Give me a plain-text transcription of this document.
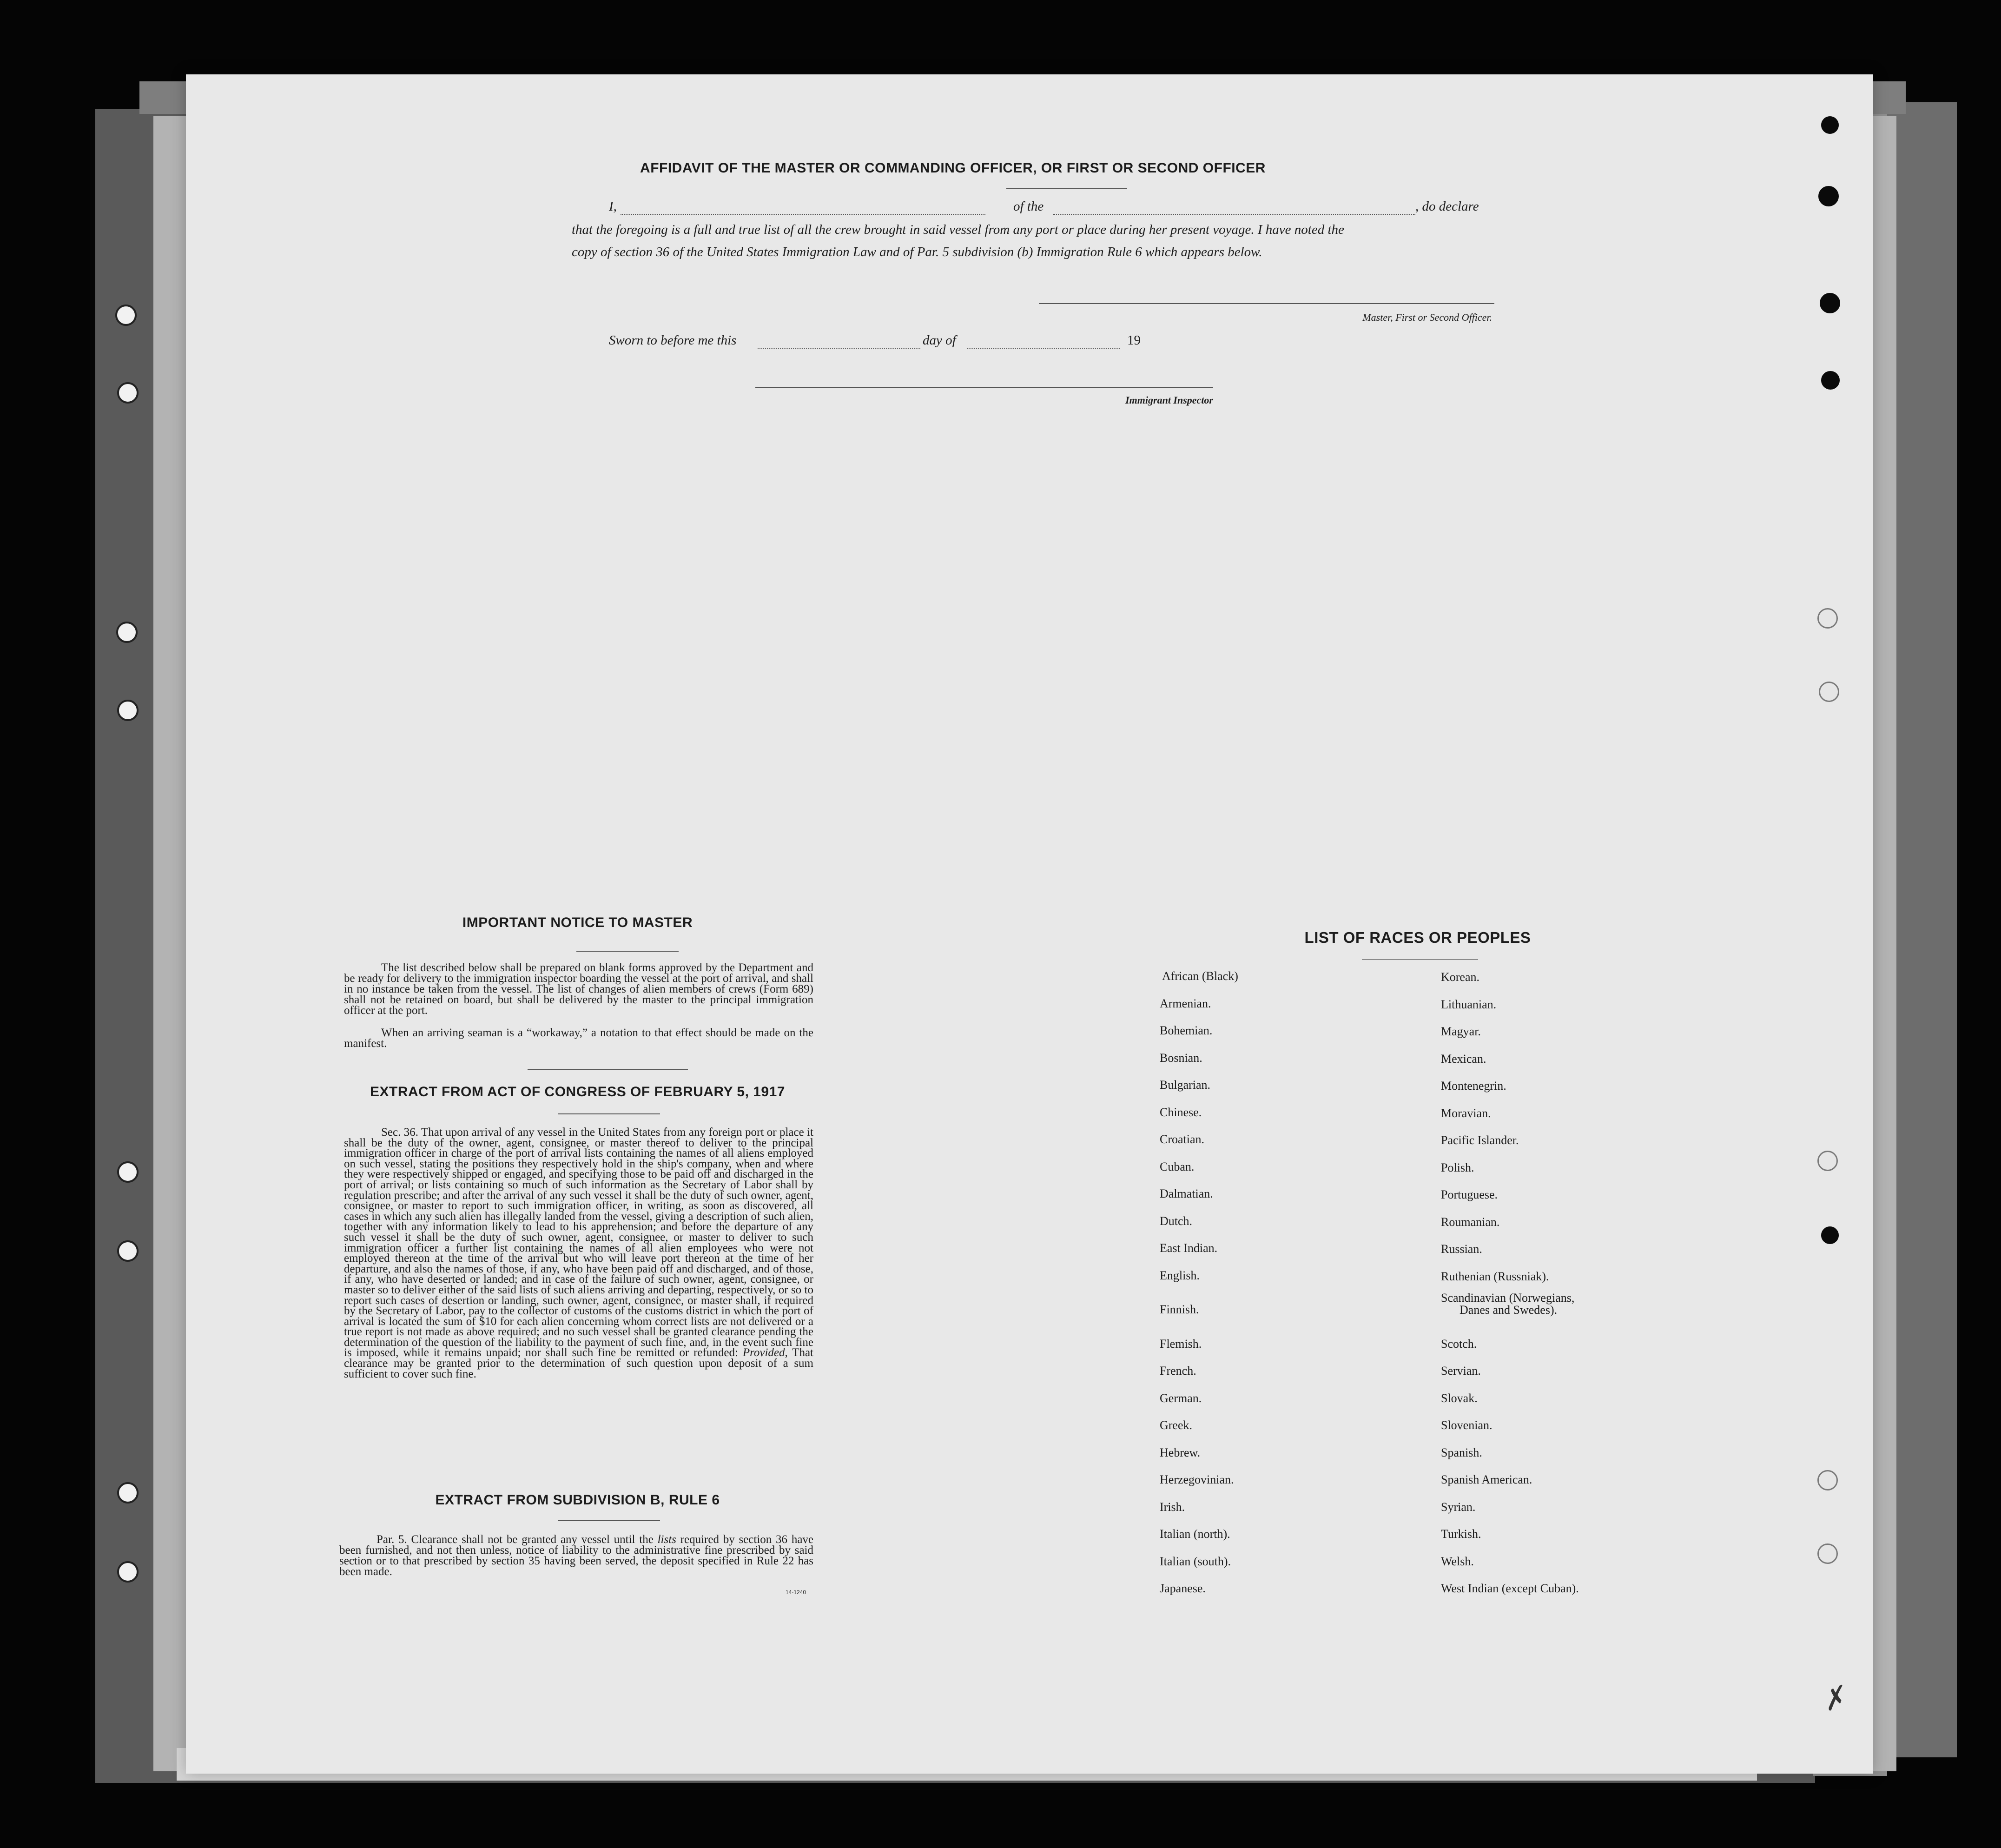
AFFIDAVIT OF THE MASTER OR COMMANDING OFFICER, OR FIRST OR SECOND OFFICER
I,	of the	, do declare
that the foregoing is a full and true list of all the crew brought in said vessel from any port or place during her present voyage. I have noted the
copy of section 36 of the United States Immigration Law and of Par. 5 subdivision (b) Immigration Rule 6 which appears below.
Master, First or Second Officer.
Sworn to before me this	day of	19
Immigrant Inspector
IMPORTANT NOTICE TO MASTER
The list described below shall be prepared on blank forms approved by the Department and be ready for delivery to the immigration inspector boarding the vessel at the port of arrival, and shall in no instance be taken from the vessel. The list of changes of alien members of crews (Form 689) shall not be retained on board, but shall be delivered by the master to the principal immigration officer at the port.
When an arriving seaman is a “workaway,” a notation to that effect should be made on the manifest.
EXTRACT FROM ACT OF CONGRESS OF FEBRUARY 5, 1917
Sec. 36. That upon arrival of any vessel in the United States from any foreign port or place it shall be the duty of the owner, agent, consignee, or master thereof to deliver to the principal immigration officer in charge of the port of arrival lists containing the names of all aliens employed on such vessel, stating the positions they respectively hold in the ship's company, when and where they were respectively shipped or engaged, and specifying those to be paid off and discharged in the port of arrival; or lists containing so much of such information as the Secretary of Labor shall by regulation prescribe; and after the arrival of any such vessel it shall be the duty of such owner, agent, consignee, or master to report to such immigration officer, in writing, as soon as discovered, all cases in which any such alien has illegally landed from the vessel, giving a description of such alien, together with any information likely to lead to his apprehension; and before the departure of any such vessel it shall be the duty of such owner, agent, consignee, or master to deliver to such immigration officer a further list containing the names of all alien employees who were not employed thereon at the time of the arrival but who will leave port thereon at the time of her departure, and also the names of those, if any, who have been paid off and discharged, and of those, if any, who have deserted or landed; and in case of the failure of such owner, agent, consignee, or master so to deliver either of the said lists of such aliens arriving and departing, respectively, or so to report such cases of desertion or landing, such owner, agent, consignee, or master shall, if required by the Secretary of Labor, pay to the collector of customs of the customs district in which the port of arrival is located the sum of $10 for each alien concerning whom correct lists are not delivered or a true report is not made as above required; and no such vessel shall be granted clearance pending the determination of the question of the liability to the payment of such fine, and, in the event such fine is imposed, while it remains unpaid; nor shall such fine be remitted or refunded: Provided, That clearance may be granted prior to the determination of such question upon deposit of a sum sufficient to cover such fine.
EXTRACT FROM SUBDIVISION B, RULE 6
Par. 5. Clearance shall not be granted any vessel until the lists required by section 36 have been furnished, and not then unless, notice of liability to the administrative fine prescribed by said section or to that prescribed by section 35 having been served, the deposit specified in Rule 22 has been made.
14-1240
LIST OF RACES OR PEOPLES
African (Black)
Armenian.
Bohemian.
Bosnian.
Bulgarian.
Chinese.
Croatian.
Cuban.
Dalmatian.
Dutch.
East Indian.
English.
Finnish.
Flemish.
French.
German.
Greek.
Hebrew.
Herzegovinian.
Irish.
Italian (north).
Italian (south).
Japanese.
Korean.
Lithuanian.
Magyar.
Mexican.
Montenegrin.
Moravian.
Pacific Islander.
Polish.
Portuguese.
Roumanian.
Russian.
Ruthenian (Russniak).
Scandinavian (Norwegians,
Danes and Swedes).
Scotch.
Servian.
Slovak.
Slovenian.
Spanish.
Spanish American.
Syrian.
Turkish.
Welsh.
West Indian (except Cuban).
✗
